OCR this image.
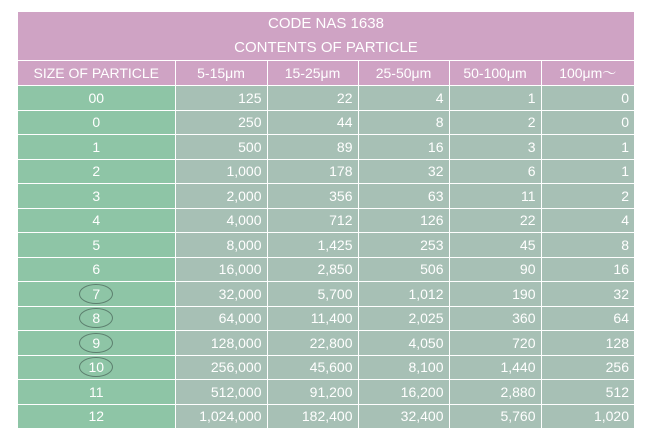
CODE NAS 1638
CONTENTS OF PARTICLE
SIZE OF PARTICLE	5-15μm	15-25μm	25-50μm	50-100μm	100μm〜
00	125	22	4	1	0
0	250	44	8	2	0
1	500	89	16	3	1
2	1,000	178	32	6	1
3	2,000	356	63	11	2
4	4,000	712	126	22	4
5	8,000	1,425	253	45	8
6	16,000	2,850	506	90	16

7	32,000	5,700	1,012	190	32

8	64,000	11,400	2,025	360	64

9	128,000	22,800	4,050	720	128

10	256,000	45,600	8,100	1,440	256
11	512,000	91,200	16,200	2,880	512
12	1,024,000	182,400	32,400	5,760	1,020
